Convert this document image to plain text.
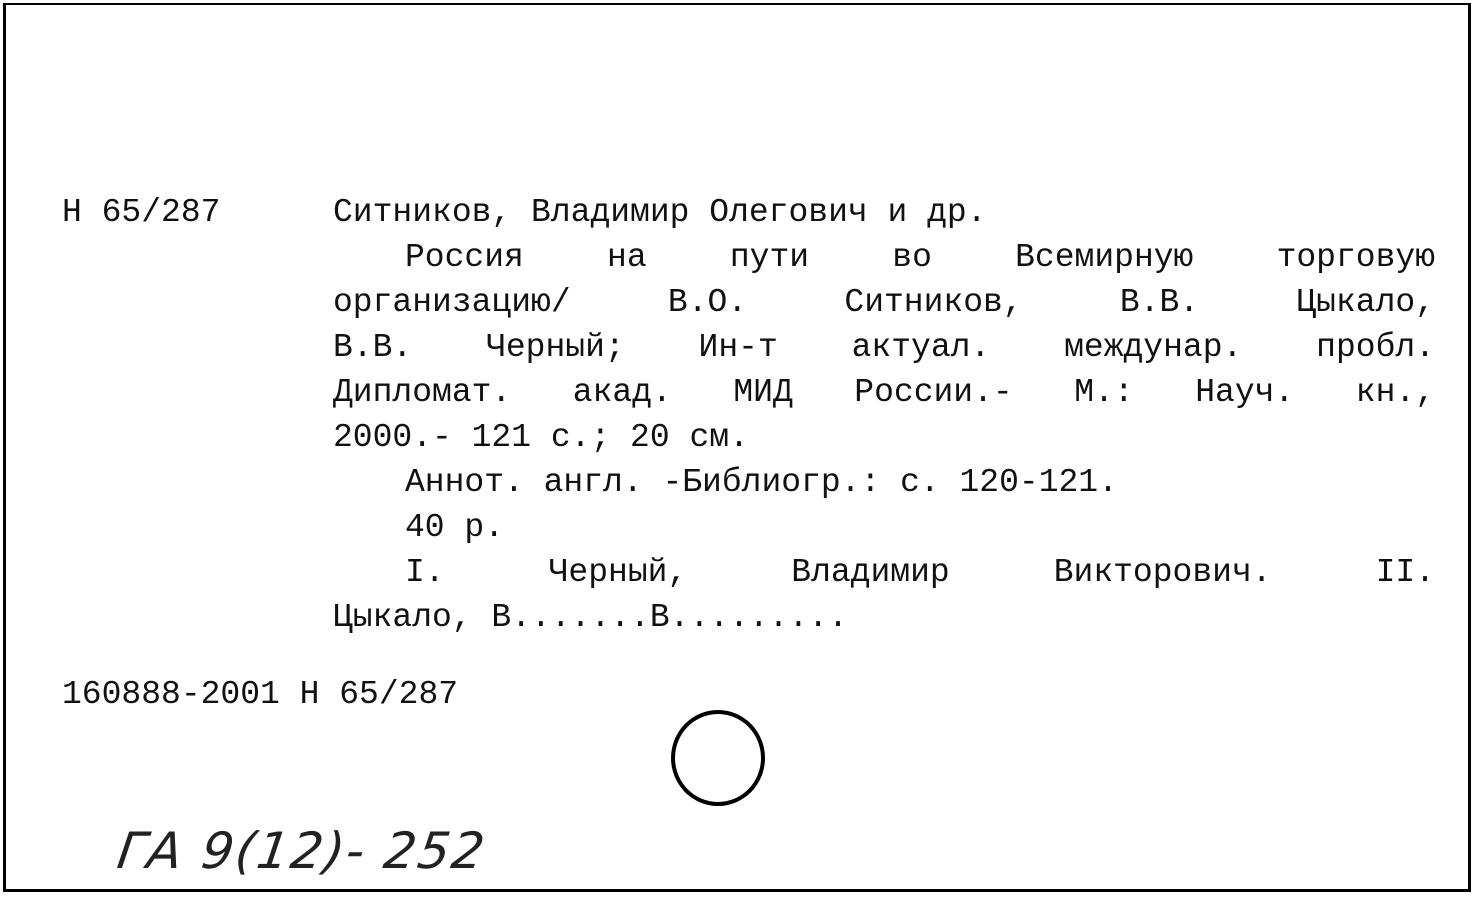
Н 65/287	Ситников, Владимир Олегович и др.
Россия на пути во Всемирную торговую
организацию/ В.О. Ситников, В.В. Цыкало,
В.В. Черный; Ин-т актуал. междунар. пробл.
Дипломат. акад. МИД России.- М.: Науч. кн.,
2000.- 121 с.; 20 см.
Аннот. англ. -Библиогр.: с. 120-121.
40 р.
I. Черный, Владимир Викторович. II.
Цыкало, В.......В.........
160888-2001 Н 65/287
ГА 9(12)- 252
